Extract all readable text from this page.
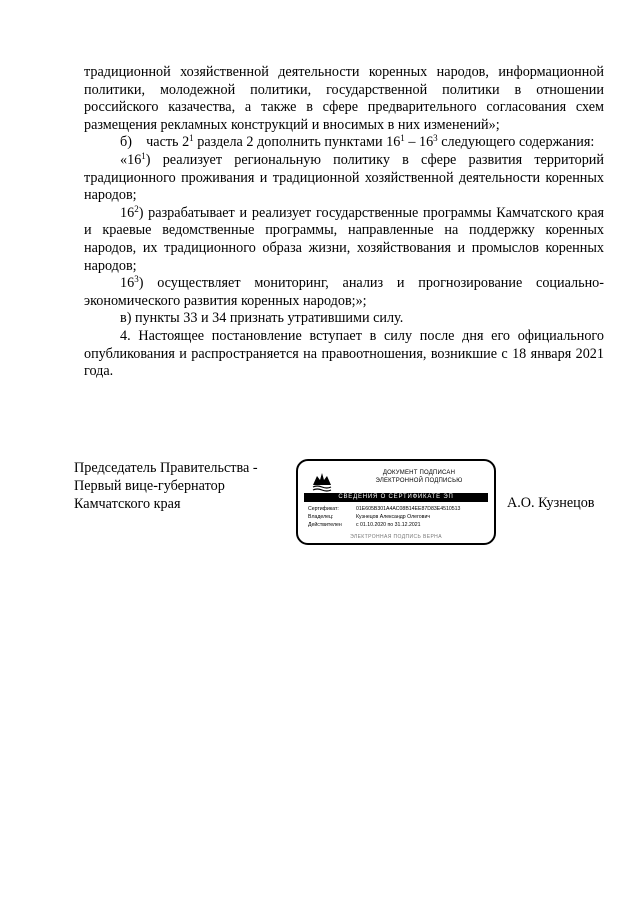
традиционной хозяйственной деятельности коренных народов, информационной политики, молодежной политики, государственной политики в отношении российского казачества, а также в сфере предварительного согласования схем размещения рекламных конструкций и вносимых в них изменений»;

б) часть $2^1$ раздела 2 дополнить пунктами $16^1 - 16^3$ следующего содержания:

«$16^1$) реализует региональную политику в сфере развития территорий традиционного проживания и традиционной хозяйственной деятельности коренных народов;

$16^2$) разрабатывает и реализует государственные программы Камчатского края и краевые ведомственные программы, направленные на поддержку коренных народов, их традиционного образа жизни, хозяйствования и промыслов коренных народов;

$16^3$) осуществляет мониторинг, анализ и прогнозирование социально-экономического развития коренных народов;»;

в) пункты 33 и 34 признать утратившими силу.

4. Настоящее постановление вступает в силу после дня его официального опубликования и распространяется на правоотношения, возникшие с 18 января 2021 года.

Председатель Правительства -
Первый вице-губернатор
Камчатского края
ДОКУМЕНТ ПОДПИСАН
ЭЛЕКТРОННОЙ ПОДПИСЬЮ
СВЕДЕНИЯ О СЕРТИФИКАТЕ ЭП
Сертификат:	01E605B301A4AC08B14EE87D83E4510513
Владелец:	Кузнецов Александр Олегович
Действителен	с 01.10.2020 по 31.12.2021
ЭЛЕКТРОННАЯ ПОДПИСЬ ВЕРНА
А.О. Кузнецов
